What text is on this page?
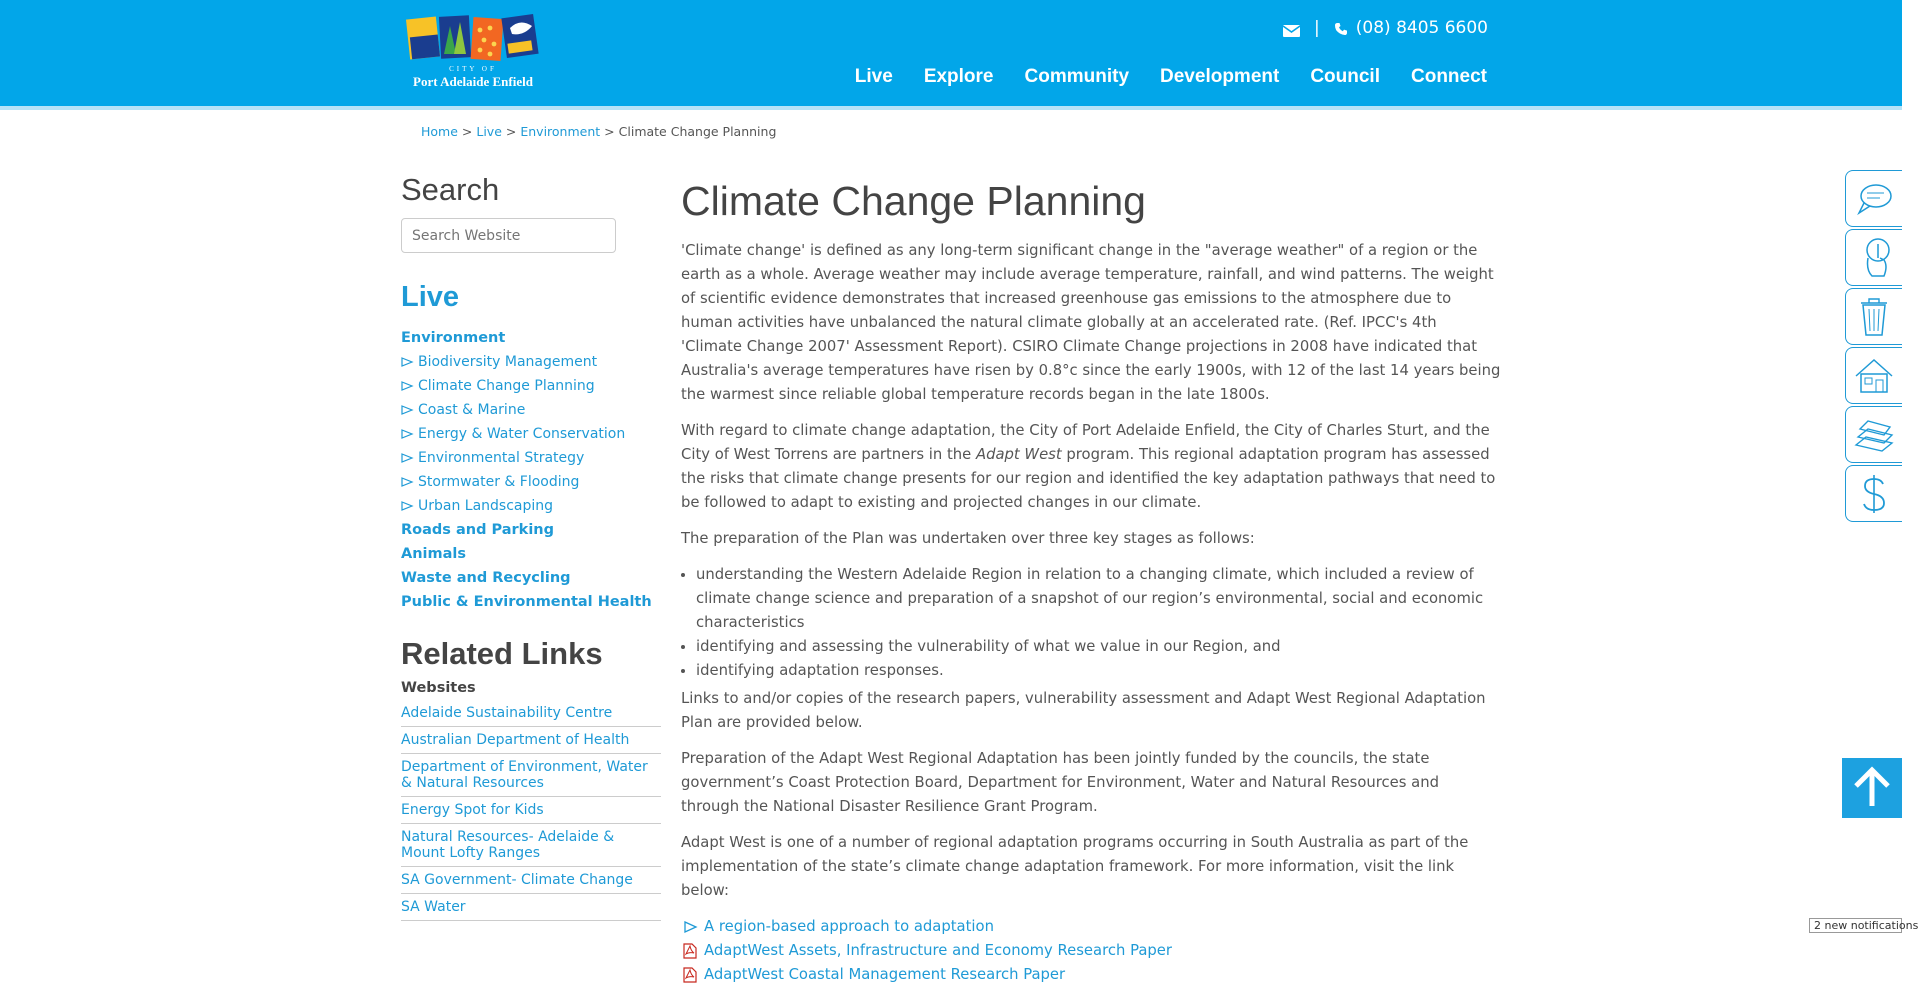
CITY OF
Port Adelaide Enfield
| (08) 8405 6600
Live Explore Community Development Council Connect
Home > Live > Environment > Climate Change Planning
Search
Search Website
Live
Environment
Biodiversity Management
Climate Change Planning
Coast & Marine
Energy & Water Conservation
Environmental Strategy
Stormwater & Flooding
Urban Landscaping
Roads and Parking
Animals
Waste and Recycling
Public & Environmental Health
Related Links
Websites
Adelaide Sustainability Centre
Australian Department of Health
Department of Environment, Water & Natural Resources
Energy Spot for Kids
Natural Resources- Adelaide & Mount Lofty Ranges
SA Government- Climate Change
SA Water
Climate Change Planning

'Climate change' is defined as any long-term significant change in the "average weather" of a region or the earth as a whole. Average weather may include average temperature, rainfall, and wind patterns. The weight of scientific evidence demonstrates that increased greenhouse gas emissions to the atmosphere due to human activities have unbalanced the natural climate globally at an accelerated rate. (Ref. IPCC's 4th 'Climate Change 2007' Assessment Report). CSIRO Climate Change projections in 2008 have indicated that Australia's average temperatures have risen by 0.8°c since the early 1900s, with 12 of the last 14 years being the warmest since reliable global temperature records began in the late 1800s.

With regard to climate change adaptation, the City of Port Adelaide Enfield, the City of Charles Sturt, and the City of West Torrens are partners in the Adapt West program. This regional adaptation program has assessed the risks that climate change presents for our region and identified the key adaptation pathways that need to be followed to adapt to existing and projected changes in our climate.

The preparation of the Plan was undertaken over three key stages as follows:

• understanding the Western Adelaide Region in relation to a changing climate, which included a review of climate change science and preparation of a snapshot of our region’s environmental, social and economic characteristics
• identifying and assessing the vulnerability of what we value in our Region, and
• identifying adaptation responses.

Links to and/or copies of the research papers, vulnerability assessment and Adapt West Regional Adaptation Plan are provided below.

Preparation of the Adapt West Regional Adaptation has been jointly funded by the councils, the state government’s Coast Protection Board, Department for Environment, Water and Natural Resources and through the National Disaster Resilience Grant Program.

Adapt West is one of a number of regional adaptation programs occurring in South Australia as part of the implementation of the state’s climate change adaptation framework. For more information, visit the link below:

A region-based approach to adaptation
AdaptWest Assets, Infrastructure and Economy Research Paper
AdaptWest Coastal Management Research Paper
2 new notifications
